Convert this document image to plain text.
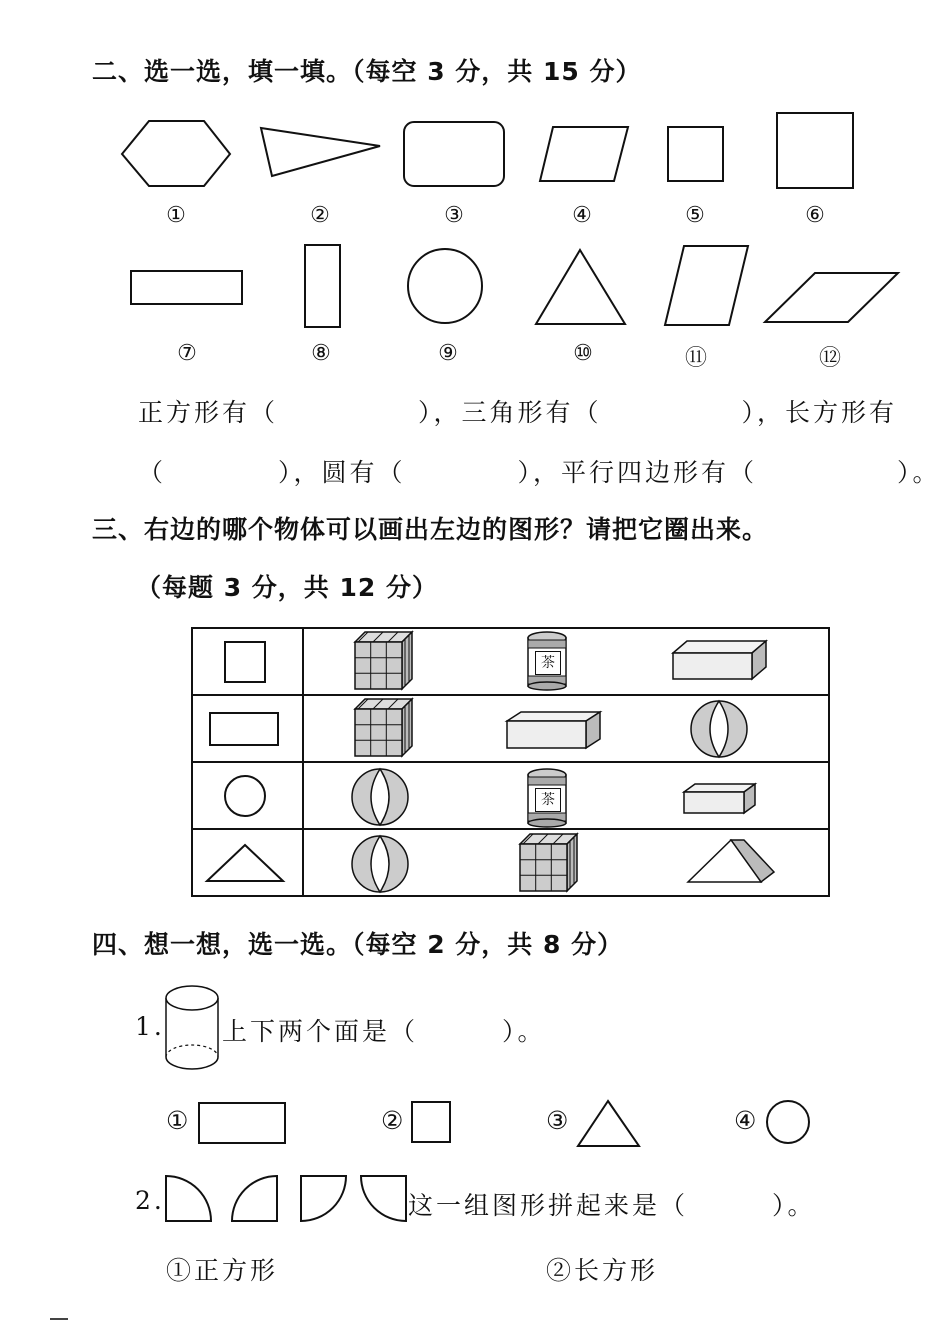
二、选一选，填一填。（每空 3 分，共 15 分）
①	②	③	④	⑤	⑥
⑦	⑧	⑨	⑩	⑪	⑫
正方形有（　　　　　），三角形有（　　　　　），长方形有
（　　　　），圆有（　　　　），平行四边形有（　　　　　）。
三、右边的哪个物体可以画出左边的图形？请把它圈出来。
（每题 3 分，共 12 分）
茶
茶
四、想一想，选一选。（每空 2 分，共 8 分）
1. 上下两个面是（　　　）。
①	②	③	④
2.	这一组图形拼起来是（　　　）。
①正方形	②长方形
